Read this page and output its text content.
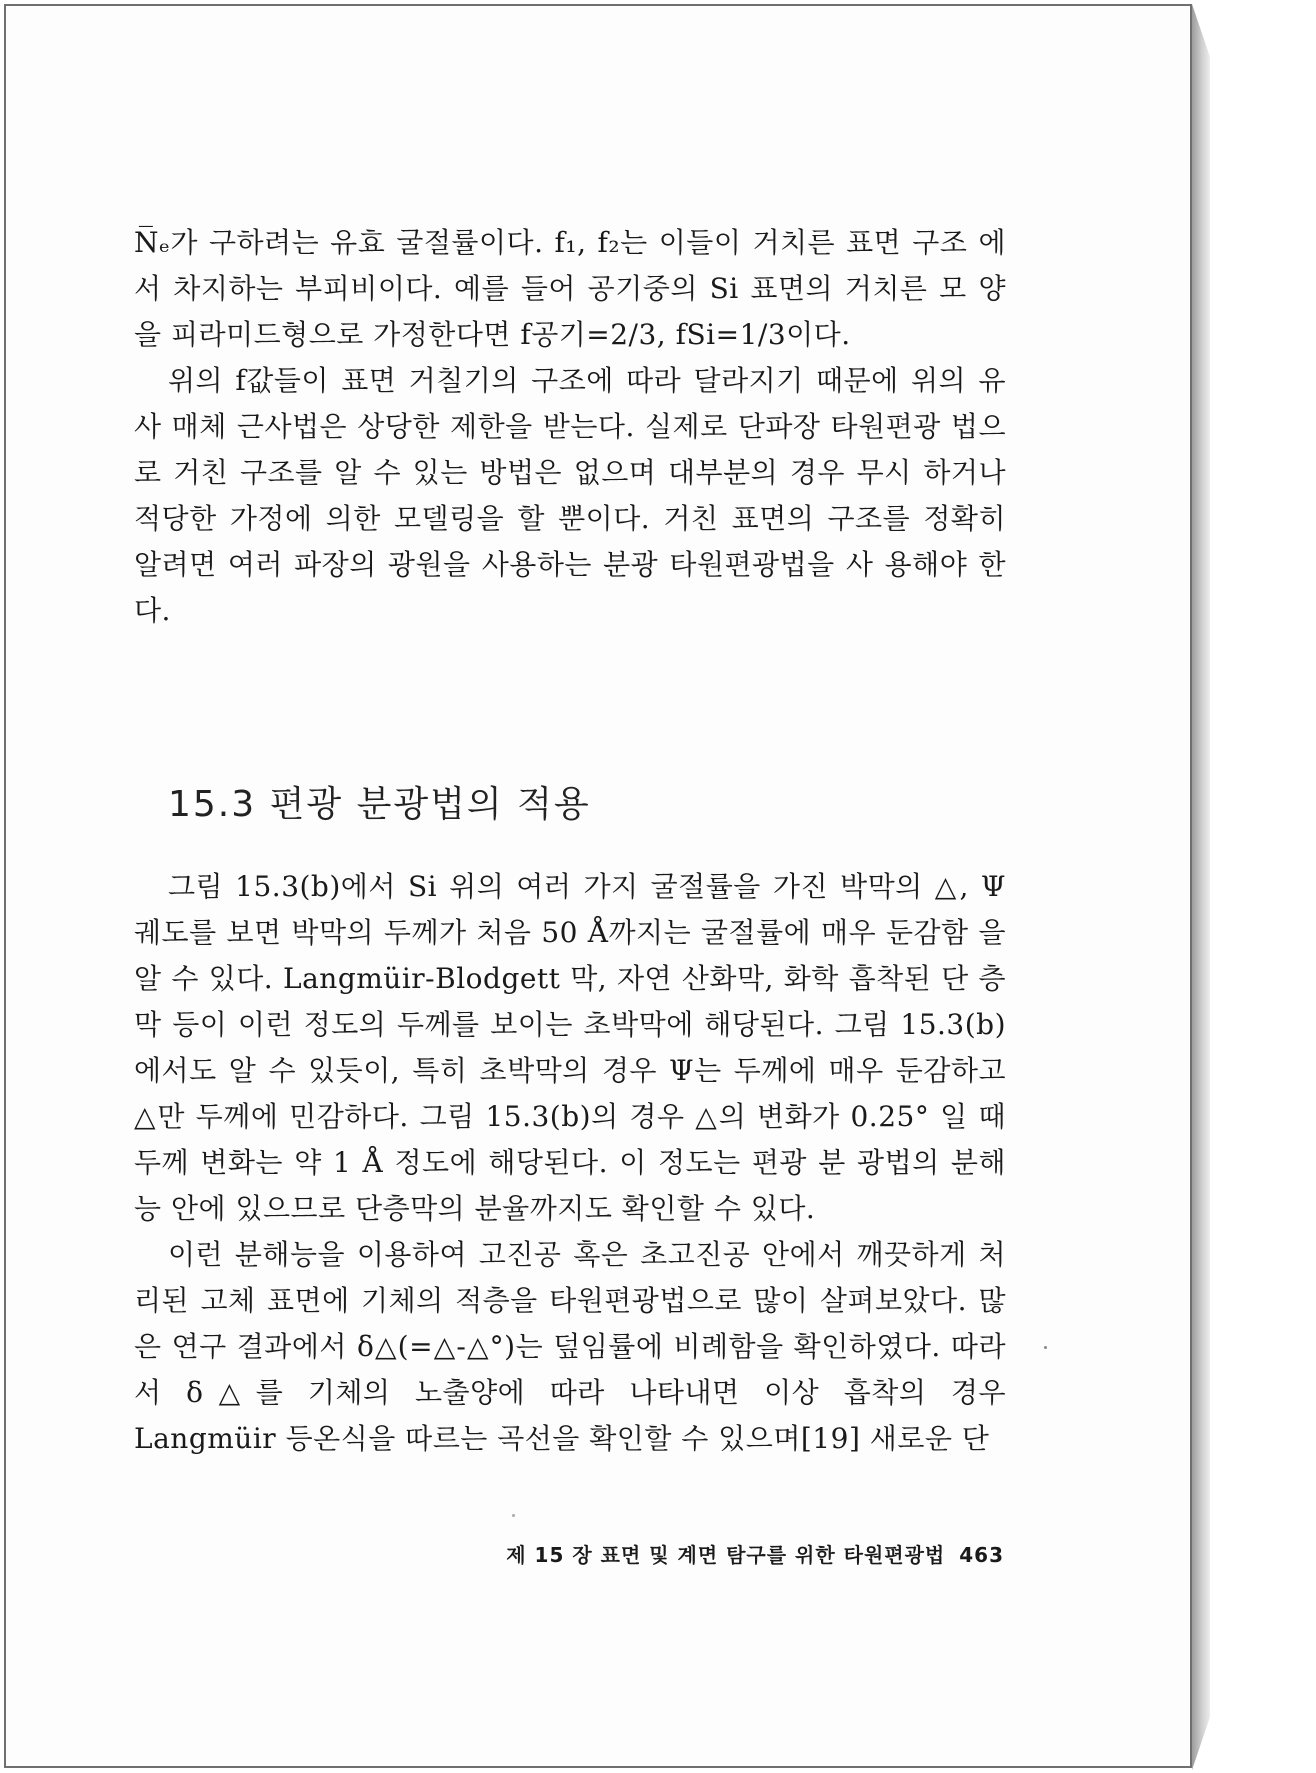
N̅ₑ가 구하려는 유효 굴절률이다. f₁, f₂는 이들이 거치른 표면 구조 에서 차지하는 부피비이다. 예를 들어 공기중의 Si 표면의 거치른 모 양을 피라미드형으로 가정한다면 f공기=2/3, fSi=1/3이다.

위의 f값들이 표면 거칠기의 구조에 따라 달라지기 때문에 위의 유사 매체 근사법은 상당한 제한을 받는다. 실제로 단파장 타원편광 법으로 거친 구조를 알 수 있는 방법은 없으며 대부분의 경우 무시 하거나 적당한 가정에 의한 모델링을 할 뿐이다. 거친 표면의 구조를 정확히 알려면 여러 파장의 광원을 사용하는 분광 타원편광법을 사 용해야 한다.

15.3 편광 분광법의 적용

그림 15.3(b)에서 Si 위의 여러 가지 굴절률을 가진 박막의 △, Ψ 궤도를 보면 박막의 두께가 처음 50 Å까지는 굴절률에 매우 둔감함 을 알 수 있다. Langmüir-Blodgett 막, 자연 산화막, 화학 흡착된 단 층막 등이 이런 정도의 두께를 보이는 초박막에 해당된다. 그림 15.3(b)에서도 알 수 있듯이, 특히 초박막의 경우 Ψ는 두께에 매우 둔감하고 △만 두께에 민감하다. 그림 15.3(b)의 경우 △의 변화가 0.25° 일 때 두께 변화는 약 1 Å 정도에 해당된다. 이 정도는 편광 분 광법의 분해능 안에 있으므로 단층막의 분율까지도 확인할 수 있다.

이런 분해능을 이용하여 고진공 혹은 초고진공 안에서 깨끗하게 처리된 고체 표면에 기체의 적층을 타원편광법으로 많이 살펴보았다. 많은 연구 결과에서 δ△(=△-△°)는 덮임률에 비례함을 확인하였다. 따라서 δ△를 기체의 노출양에 따라 나타내면 이상 흡착의 경우 Langmüir 등온식을 따르는 곡선을 확인할 수 있으며[19] 새로운 단

제 15 장 표면 및 계면 탐구를 위한 타원편광법 463
